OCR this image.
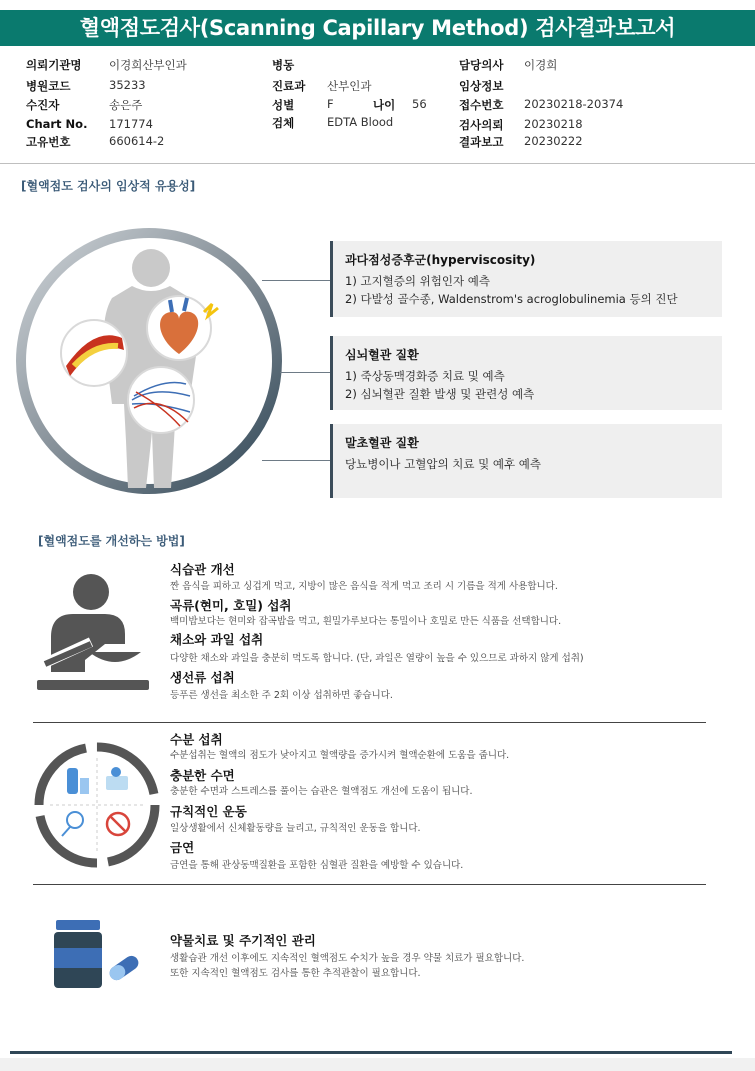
혈액점도검사(Scanning Capillary Method) 검사결과보고서
의뢰기관명 이경희산부인과
병원코드	35233
수진자	송은주
Chart No. 171774
고유번호	660614-2
병동
진료과 산부인과
성별	F	나이 56
검체	EDTA Blood
담당의사 이경희
임상정보
접수번호 20230218-20374
검사의뢰 20230218
결과보고 20230222
[혈액점도 검사의 임상적 유용성]
과다점성증후군(hyperviscosity)
1) 고지혈증의 위험인자 예측
2) 다발성 골수종, Waldenstrom's acroglobulinemia 등의 진단
심뇌혈관 질환
1) 죽상동맥경화증 치료 및 예측
2) 심뇌혈관 질환 발생 및 관련성 예측
말초혈관 질환
당뇨병이나 고혈압의 치료 및 예후 예측
[혈액점도를 개선하는 방법]
식습관 개선
짠 음식을 피하고 싱겁게 먹고, 지방이 많은 음식을 적게 먹고 조리 시 기름을 적게 사용합니다.
곡류(현미, 호밀) 섭취
백미밥보다는 현미와 잡곡밥을 먹고, 흰밀가루보다는 통밀이나 호밀로 만든 식품을 선택합니다.
채소와 과일 섭취
다양한 채소와 과일을 충분히 먹도록 합니다. (단, 과일은 열량이 높을 수 있으므로 과하지 않게 섭취)
생선류 섭취
등푸른 생선을 최소한 주 2회 이상 섭취하면 좋습니다.
수분 섭취
수분섭취는 혈액의 점도가 낮아지고 혈액량을 증가시켜 혈액순환에 도움을 줍니다.
충분한 수면
충분한 수면과 스트레스를 풀이는 습관은 혈액점도 개선에 도움이 됩니다.
규칙적인 운동
일상생활에서 신체활동량을 늘리고, 규칙적인 운동을 합니다.
금연
금연을 통해 관상동맥질환을 포함한 심혈관 질환을 예방할 수 있습니다.
약물치료 및 주기적인 관리
생활습관 개선 이후에도 지속적인 혈액점도 수치가 높을 경우 약물 치료가 필요합니다.
또한 지속적인 혈액점도 검사를 통한 추적관찰이 필요합니다.
